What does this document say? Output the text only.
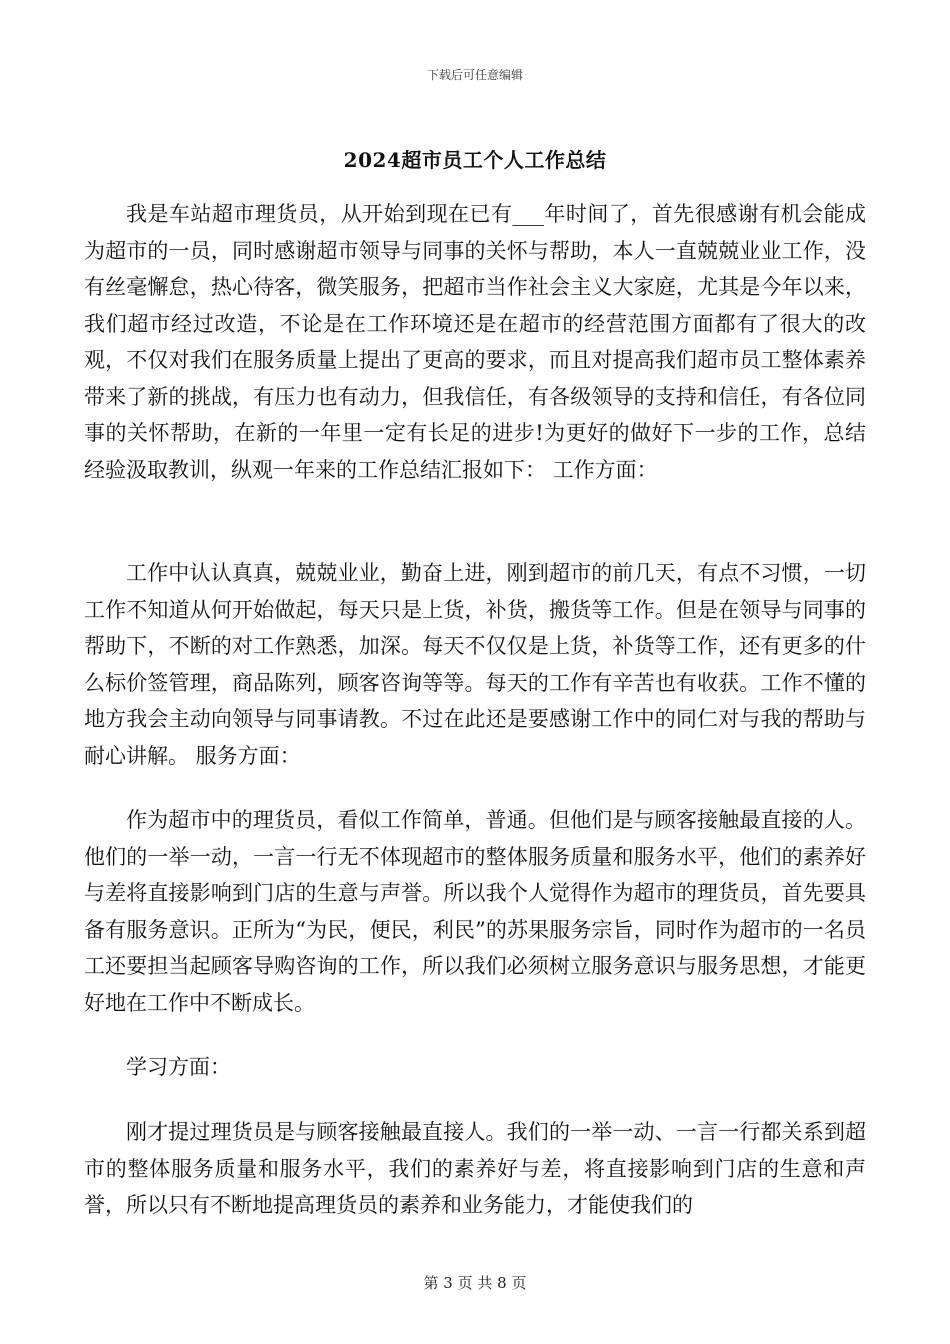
下载后可任意编辑
2024超市员工个人工作总结

我是车站超市理货员，从开始到现在已有___年时间了，首先很感谢有机会能成为超市的一员，同时感谢超市领导与同事的关怀与帮助，本人一直兢兢业业工作，没有丝毫懈怠，热心待客，微笑服务，把超市当作社会主义大家庭，尤其是今年以来，我们超市经过改造，不论是在工作环境还是在超市的经营范围方面都有了很大的改观，不仅对我们在服务质量上提出了更高的要求，而且对提高我们超市员工整体素养带来了新的挑战，有压力也有动力，但我信任，有各级领导的支持和信任，有各位同事的关怀帮助，在新的一年里一定有长足的进步!为更好的做好下一步的工作，总结经验汲取教训，纵观一年来的工作总结汇报如下： 工作方面：

工作中认认真真，兢兢业业，勤奋上进，刚到超市的前几天，有点不习惯，一切工作不知道从何开始做起，每天只是上货，补货，搬货等工作。但是在领导与同事的帮助下，不断的对工作熟悉，加深。每天不仅仅是上货，补货等工作，还有更多的什么标价签管理，商品陈列，顾客咨询等等。每天的工作有辛苦也有收获。工作不懂的地方我会主动向领导与同事请教。不过在此还是要感谢工作中的同仁对与我的帮助与耐心讲解。 服务方面：

作为超市中的理货员，看似工作简单，普通。但他们是与顾客接触最直接的人。他们的一举一动，一言一行无不体现超市的整体服务质量和服务水平，他们的素养好与差将直接影响到门店的生意与声誉。所以我个人觉得作为超市的理货员，首先要具备有服务意识。正所为“为民，便民，利民”的苏果服务宗旨，同时作为超市的一名员工还要担当起顾客导购咨询的工作，所以我们必须树立服务意识与服务思想，才能更好地在工作中不断成长。

学习方面：

刚才提过理货员是与顾客接触最直接人。我们的一举一动、一言一行都关系到超市的整体服务质量和服务水平，我们的素养好与差，将直接影响到门店的生意和声誉，所以只有不断地提高理货员的素养和业务能力，才能使我们的

第 3 页 共 8 页
